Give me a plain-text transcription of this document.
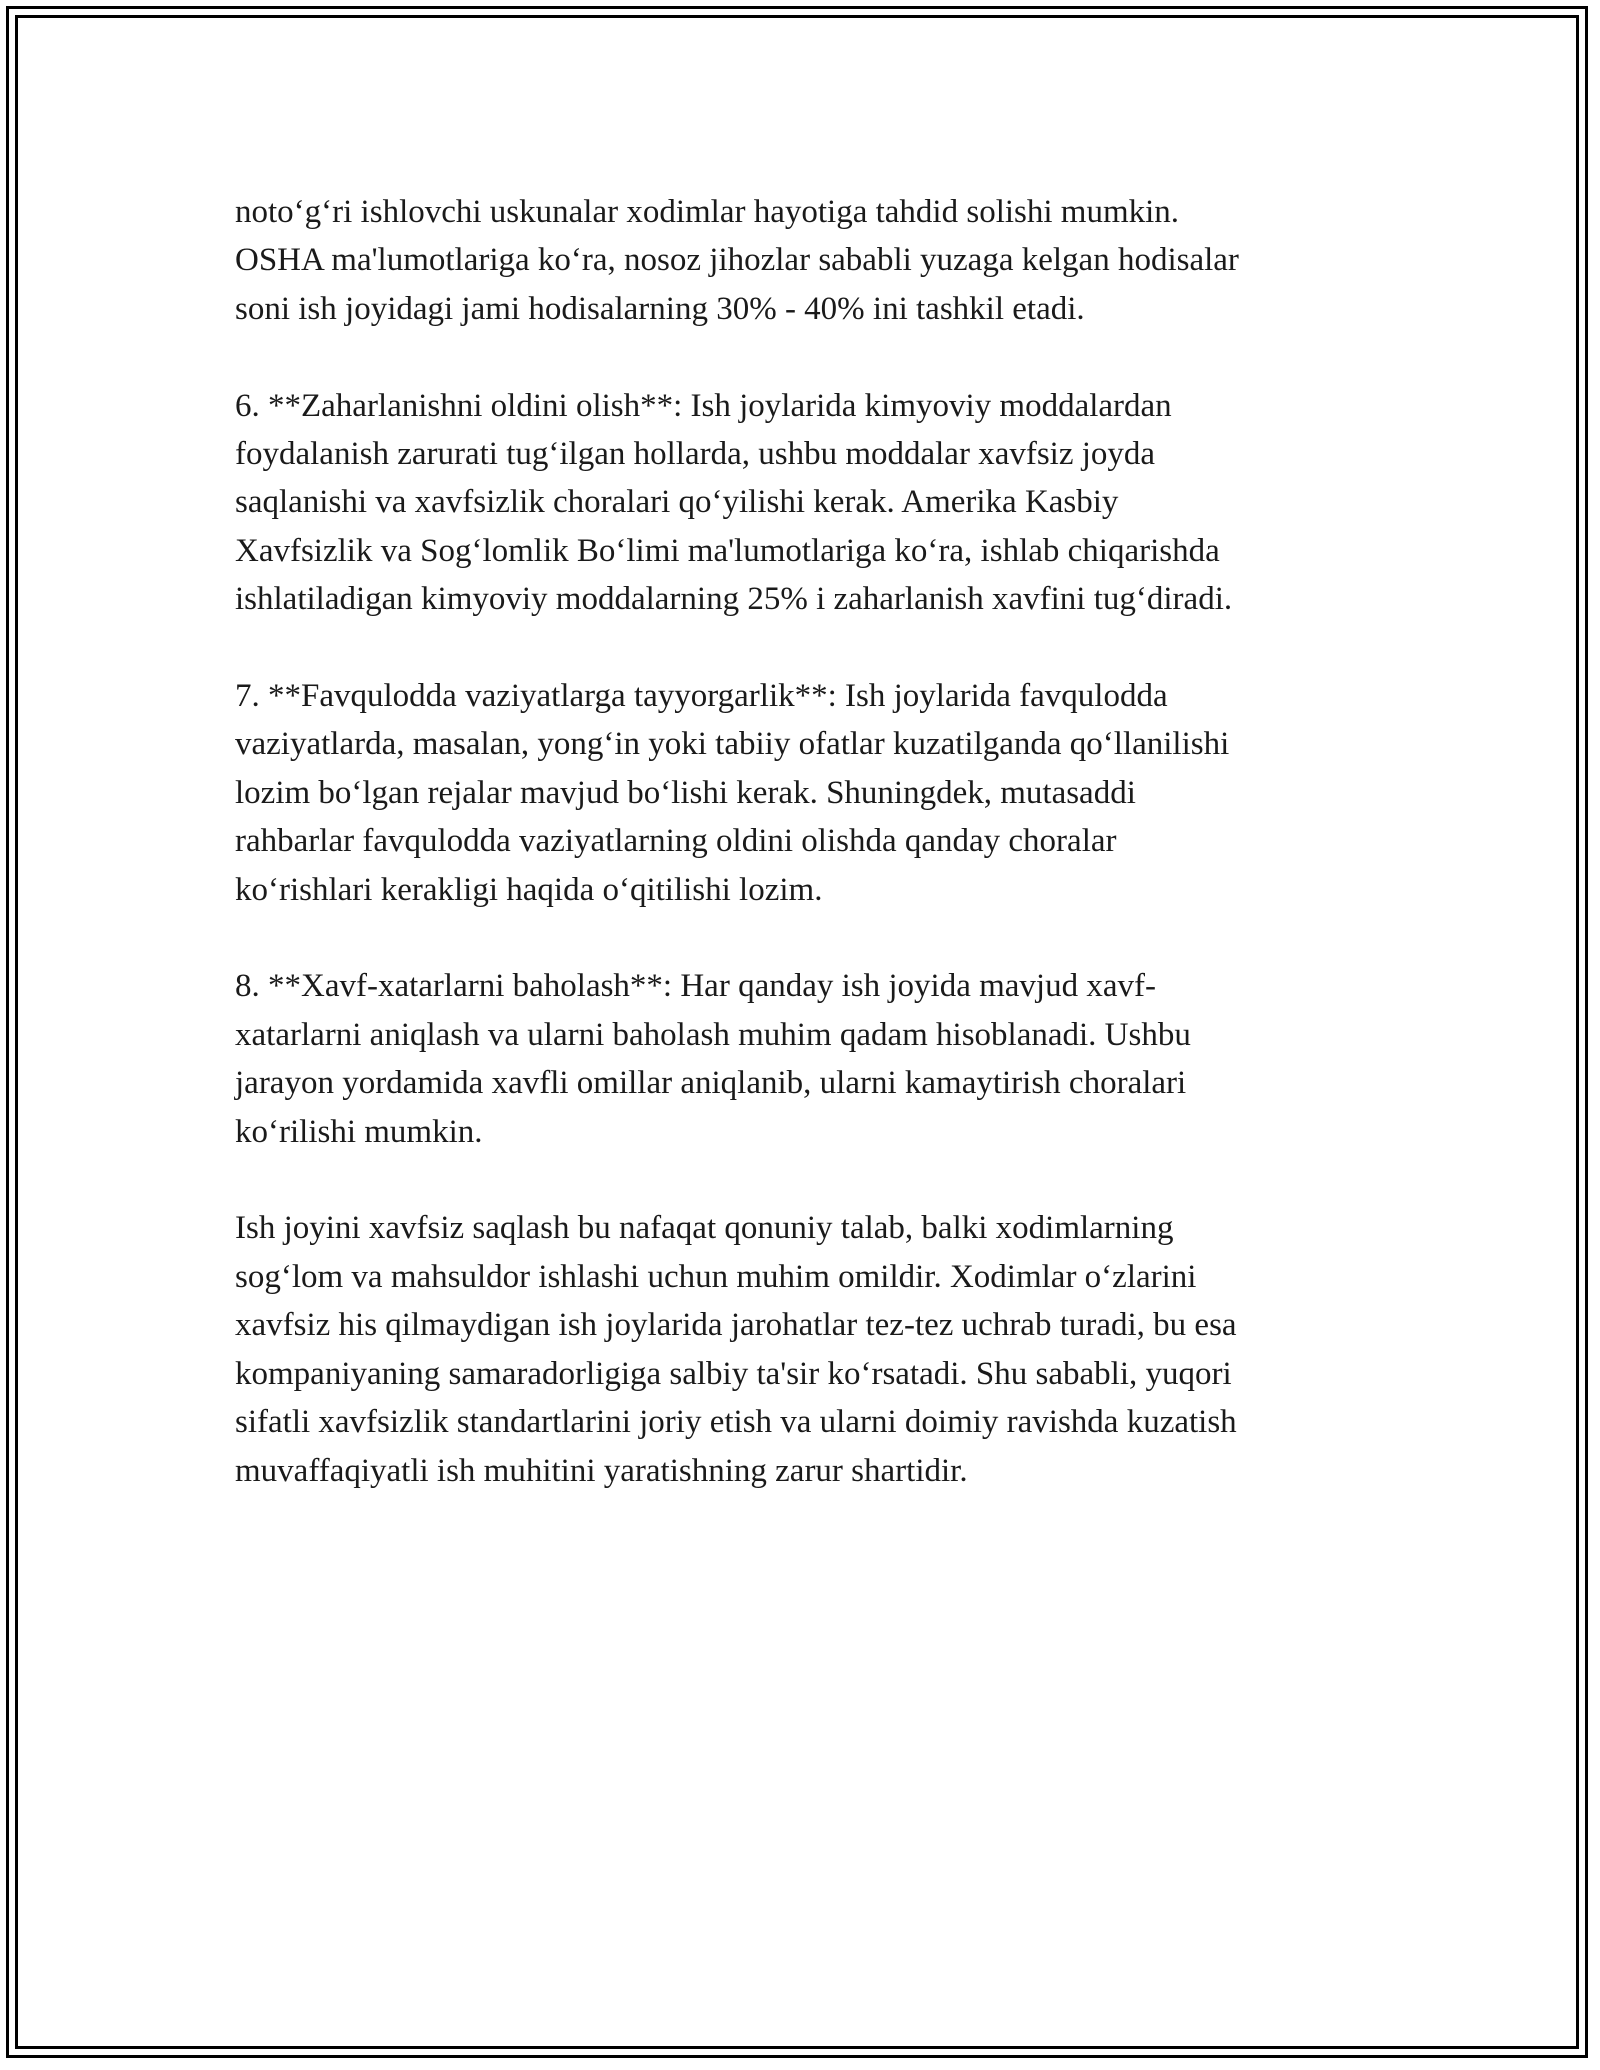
noto‘g‘ri ishlovchi uskunalar xodimlar hayotiga tahdid solishi mumkin.
OSHA ma'lumotlariga ko‘ra, nosoz jihozlar sababli yuzaga kelgan hodisalar
soni ish joyidagi jami hodisalarning 30% - 40% ini tashkil etadi.

6. **Zaharlanishni oldini olish**: Ish joylarida kimyoviy moddalardan
foydalanish zarurati tug‘ilgan hollarda, ushbu moddalar xavfsiz joyda
saqlanishi va xavfsizlik choralari qo‘yilishi kerak. Amerika Kasbiy
Xavfsizlik va Sog‘lomlik Bo‘limi ma'lumotlariga ko‘ra, ishlab chiqarishda
ishlatiladigan kimyoviy moddalarning 25% i zaharlanish xavfini tug‘diradi.

7. **Favqulodda vaziyatlarga tayyorgarlik**: Ish joylarida favqulodda
vaziyatlarda, masalan, yong‘in yoki tabiiy ofatlar kuzatilganda qo‘llanilishi
lozim bo‘lgan rejalar mavjud bo‘lishi kerak. Shuningdek, mutasaddi
rahbarlar favqulodda vaziyatlarning oldini olishda qanday choralar
ko‘rishlari kerakligi haqida o‘qitilishi lozim.

8. **Xavf-xatarlarni baholash**: Har qanday ish joyida mavjud xavf-
xatarlarni aniqlash va ularni baholash muhim qadam hisoblanadi. Ushbu
jarayon yordamida xavfli omillar aniqlanib, ularni kamaytirish choralari
ko‘rilishi mumkin.

Ish joyini xavfsiz saqlash bu nafaqat qonuniy talab, balki xodimlarning
sog‘lom va mahsuldor ishlashi uchun muhim omildir. Xodimlar o‘zlarini
xavfsiz his qilmaydigan ish joylarida jarohatlar tez-tez uchrab turadi, bu esa
kompaniyaning samaradorligiga salbiy ta'sir ko‘rsatadi. Shu sababli, yuqori
sifatli xavfsizlik standartlarini joriy etish va ularni doimiy ravishda kuzatish
muvaffaqiyatli ish muhitini yaratishning zarur shartidir.
